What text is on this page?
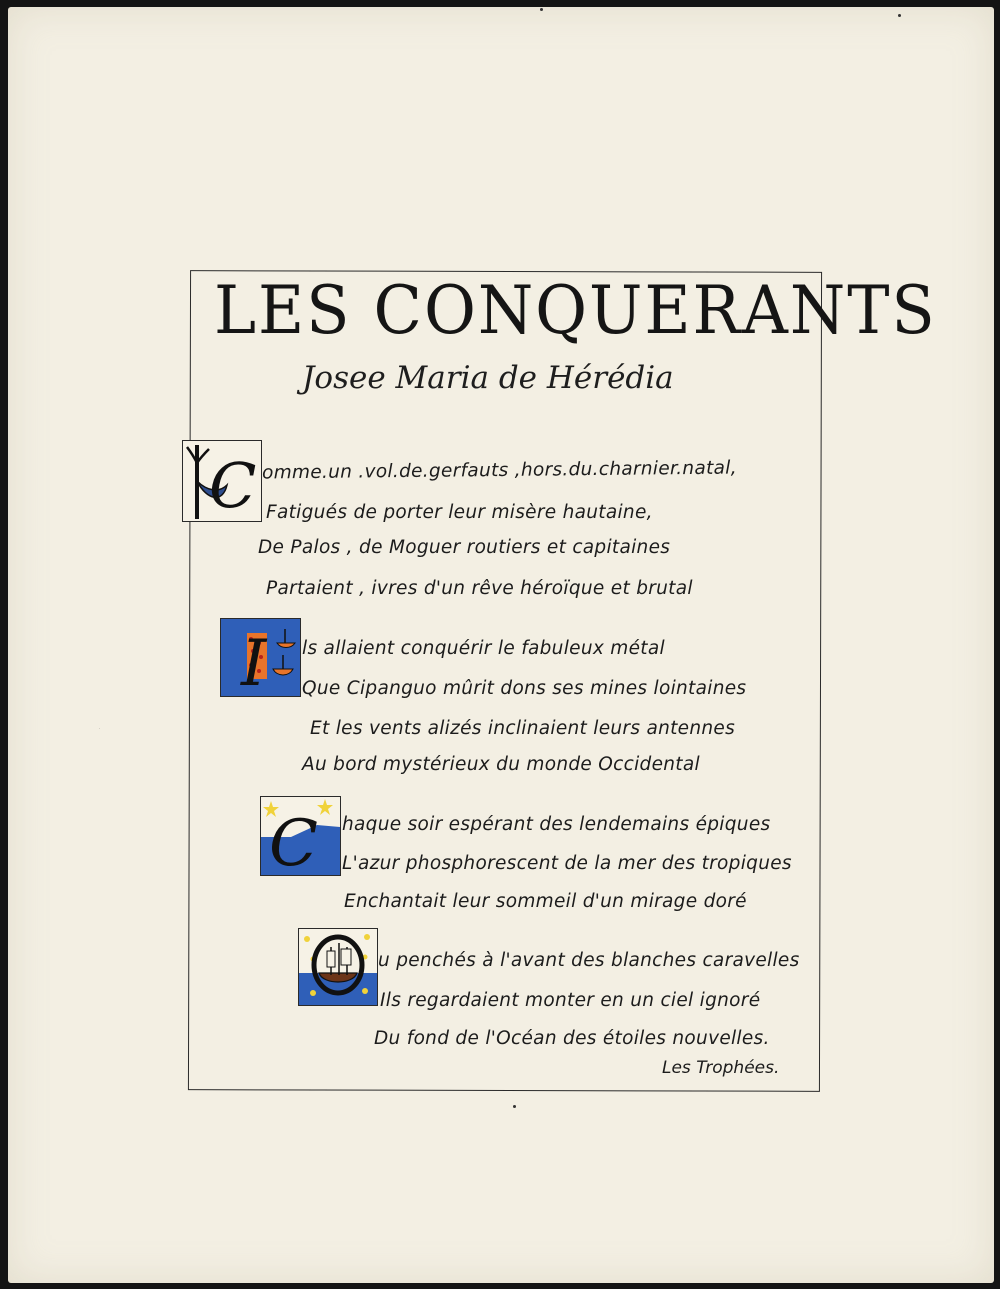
LES CONQUERANTS
Josee Maria de Hérédia
C omme.un .vol.de.gerfauts ,hors.du.charnier.natal,
Fatigués de porter leur misère hautaine,
De Palos , de Moguer routiers et capitaines
Partaient , ivres d'un rêve héroïque et brutal
I ls allaient conquérir le fabuleux métal
Que Cipanguo mûrit dons ses mines lointaines
Et les vents alizés inclinaient leurs antennes
Au bord mystérieux du monde Occidental
C haque soir espérant des lendemains épiques
L'azur phosphorescent de la mer des tropiques
Enchantait leur sommeil d'un mirage doré
O
u penchés à l'avant des blanches caravelles
Ils regardaient monter en un ciel ignoré
Du fond de l'Océan des étoiles nouvelles.
Les Trophées.
